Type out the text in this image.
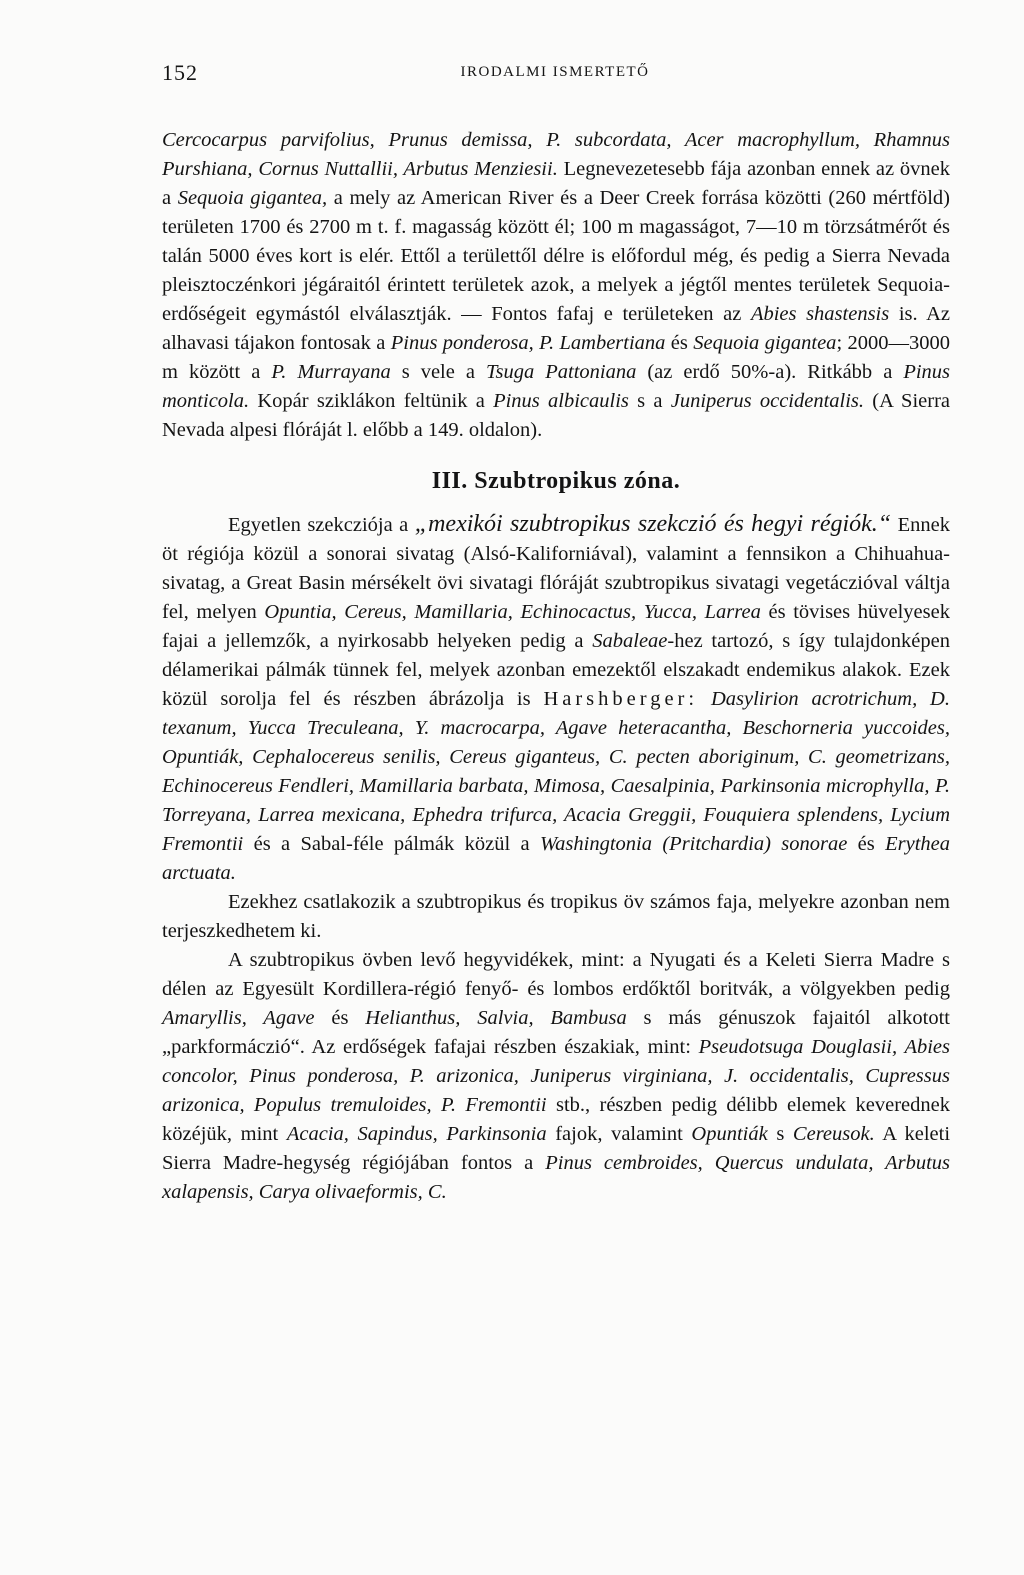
152	IRODALMI ISMERTETŐ

Cercocarpus parvifolius, Prunus demissa, P. subcordata, Acer macrophyllum, Rhamnus Purshiana, Cornus Nuttallii, Arbutus Menziesii. Legnevezetesebb fája azonban ennek az övnek a Sequoia gigantea, a mely az American River és a Deer Creek forrása közötti (260 mértföld) területen 1700 és 2700 m t. f. magasság között él; 100 m magasságot, 7—10 m törzsátmérőt és talán 5000 éves kort is elér. Ettől a területtől délre is előfordul még, és pedig a Sierra Nevada pleisztoczénkori jégáraitól érintett területek azok, a melyek a jégtől mentes területek Sequoia-erdőségeit egymástól elválasztják. — Fontos fafaj e területeken az Abies shastensis is. Az alhavasi tájakon fontosak a Pinus ponderosa, P. Lambertiana és Sequoia gigantea; 2000—3000 m között a P. Murrayana s vele a Tsuga Pattoniana (az erdő 50%-a). Ritkább a Pinus monticola. Kopár sziklákon feltünik a Pinus albicaulis s a Juniperus occidentalis. (A Sierra Nevada alpesi flóráját l. előbb a 149. oldalon).

III. Szubtropikus zóna.

Egyetlen szekcziója a „mexikói szubtropikus szekczió és hegyi régiók.“ Ennek öt régiója közül a sonorai sivatag (Alsó-Kaliforniával), valamint a fennsikon a Chihuahua-sivatag, a Great Basin mérsékelt övi sivatagi flóráját szubtropikus sivatagi vegetáczióval váltja fel, melyen Opuntia, Cereus, Mamillaria, Echinocactus, Yucca, Larrea és tövises hüvelyesek fajai a jellemzők, a nyirkosabb helyeken pedig a Sabaleae-hez tartozó, s így tulajdonképen délamerikai pálmák tünnek fel, melyek azonban emezektől elszakadt endemikus alakok. Ezek közül sorolja fel és részben ábrázolja is Harshberger: Dasylirion acrotrichum, D. texanum, Yucca Treculeana, Y. macrocarpa, Agave heteracantha, Beschorneria yuccoides, Opuntiák, Cephalocereus senilis, Cereus giganteus, C. pecten aboriginum, C. geometrizans, Echinocereus Fendleri, Mamillaria barbata, Mimosa, Caesalpinia, Parkinsonia microphylla, P. Torreyana, Larrea mexicana, Ephedra trifurca, Acacia Greggii, Fouquiera splendens, Lycium Fremontii és a Sabal-féle pálmák közül a Washingtonia (Pritchardia) sonorae és Erythea arctuata.

Ezekhez csatlakozik a szubtropikus és tropikus öv számos faja, melyekre azonban nem terjeszkedhetem ki.

A szubtropikus övben levő hegyvidékek, mint: a Nyugati és a Keleti Sierra Madre s délen az Egyesült Kordillera-régió fenyő- és lombos erdőktől boritvák, a völgyekben pedig Amaryllis, Agave és Helianthus, Salvia, Bambusa s más génuszok fajaitól alkotott „parkformáczió“. Az erdőségek fafajai részben északiak, mint: Pseudotsuga Douglasii, Abies concolor, Pinus ponderosa, P. arizonica, Juniperus virginiana, J. occidentalis, Cupressus arizonica, Populus tremuloides, P. Fremontii stb., részben pedig délibb elemek keverednek közéjük, mint Acacia, Sapindus, Parkinsonia fajok, valamint Opuntiák s Cereusok. A keleti Sierra Madre-hegység régiójában fontos a Pinus cembroides, Quercus undulata, Arbutus xalapensis, Carya olivaeformis, C.
